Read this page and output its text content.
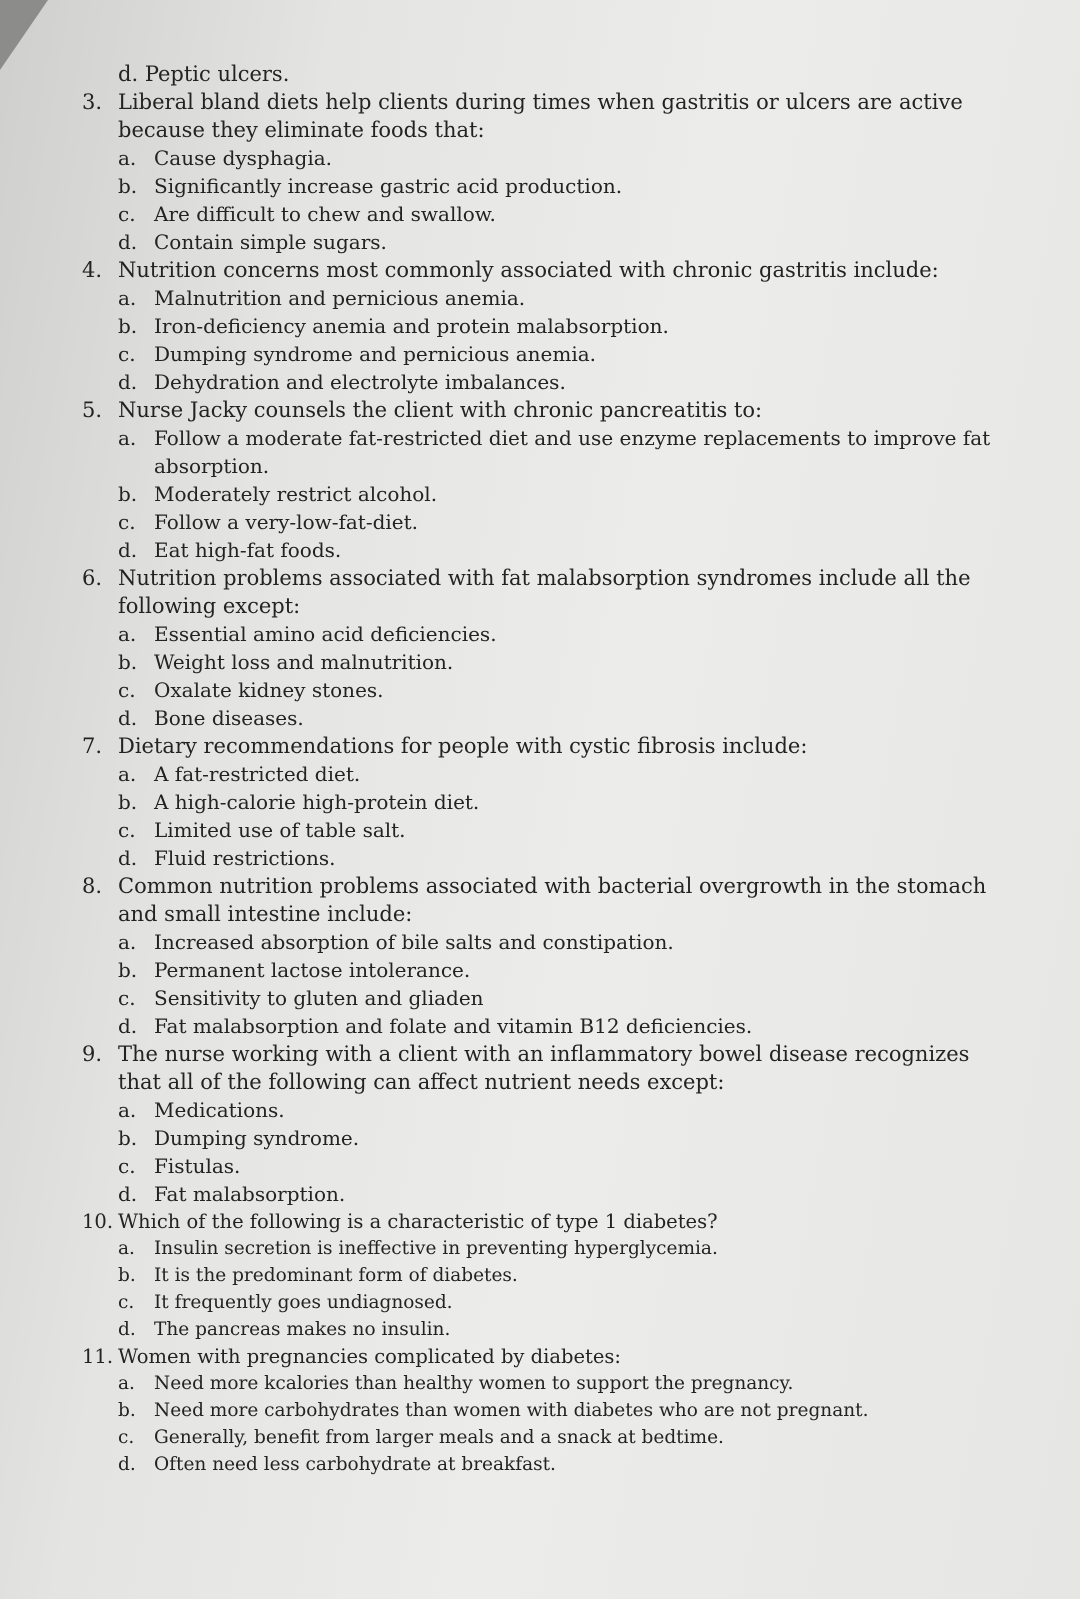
d. Peptic ulcers.
3. Liberal bland diets help clients during times when gastritis or ulcers are active because they eliminate foods that:
a. Cause dysphagia.
b. Significantly increase gastric acid production.
c. Are difficult to chew and swallow.
d. Contain simple sugars.
4. Nutrition concerns most commonly associated with chronic gastritis include:
a. Malnutrition and pernicious anemia.
b. Iron-deficiency anemia and protein malabsorption.
c. Dumping syndrome and pernicious anemia.
d. Dehydration and electrolyte imbalances.
5. Nurse Jacky counsels the client with chronic pancreatitis to:
a. Follow a moderate fat-restricted diet and use enzyme replacements to improve fat absorption.
b. Moderately restrict alcohol.
c. Follow a very-low-fat-diet.
d. Eat high-fat foods.
6. Nutrition problems associated with fat malabsorption syndromes include all the following except:
a. Essential amino acid deficiencies.
b. Weight loss and malnutrition.
c. Oxalate kidney stones.
d. Bone diseases.
7. Dietary recommendations for people with cystic fibrosis include:
a. A fat-restricted diet.
b. A high-calorie high-protein diet.
c. Limited use of table salt.
d. Fluid restrictions.
8. Common nutrition problems associated with bacterial overgrowth in the stomach and small intestine include:
a. Increased absorption of bile salts and constipation.
b. Permanent lactose intolerance.
c. Sensitivity to gluten and gliaden
d. Fat malabsorption and folate and vitamin B12 deficiencies.
9. The nurse working with a client with an inflammatory bowel disease recognizes that all of the following can affect nutrient needs except:
a. Medications.
b. Dumping syndrome.
c. Fistulas.
d. Fat malabsorption.
10. Which of the following is a characteristic of type 1 diabetes?
a.	Insulin secretion is ineffective in preventing hyperglycemia.
b. It is the predominant form of diabetes.
c.	It frequently goes undiagnosed.
d. The pancreas makes no insulin.
11. Women with pregnancies complicated by diabetes:
a.	Need more kcalories than healthy women to support the pregnancy.
b. Need more carbohydrates than women with diabetes who are not pregnant.
c.	Generally, benefit from larger meals and a snack at bedtime.
d. Often need less carbohydrate at breakfast.
